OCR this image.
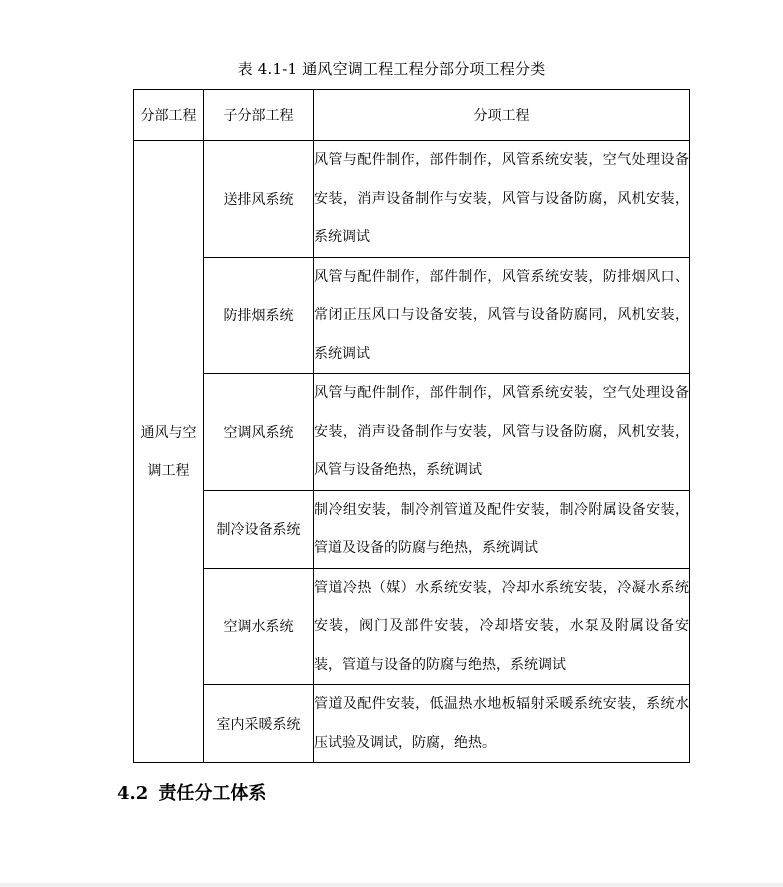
表 4.1-1 通风空调工程工程分部分项工程分类
分部工程	子分部工程	分项工程
通风与空调工程	送排风系统	风管与配件制作，部件制作，风管系统安装，空气处理设备安装，消声设备制作与安装，风管与设备防腐，风机安装，系统调试
	防排烟系统	风管与配件制作，部件制作，风管系统安装，防排烟风口、常闭正压风口与设备安装，风管与设备防腐同，风机安装，系统调试
	空调风系统	风管与配件制作，部件制作，风管系统安装，空气处理设备安装，消声设备制作与安装，风管与设备防腐，风机安装，风管与设备绝热，系统调试
	制冷设备系统	制冷组安装，制冷剂管道及配件安装，制冷附属设备安装，管道及设备的防腐与绝热，系统调试
	空调水系统	管道冷热（媒）水系统安装，冷却水系统安装，冷凝水系统安装，阀门及部件安装，冷却塔安装，水泵及附属设备安装，管道与设备的防腐与绝热，系统调试
	室内采暖系统	管道及配件安装，低温热水地板辐射采暖系统安装，系统水压试验及调试，防腐，绝热。
4.2 责任分工体系
